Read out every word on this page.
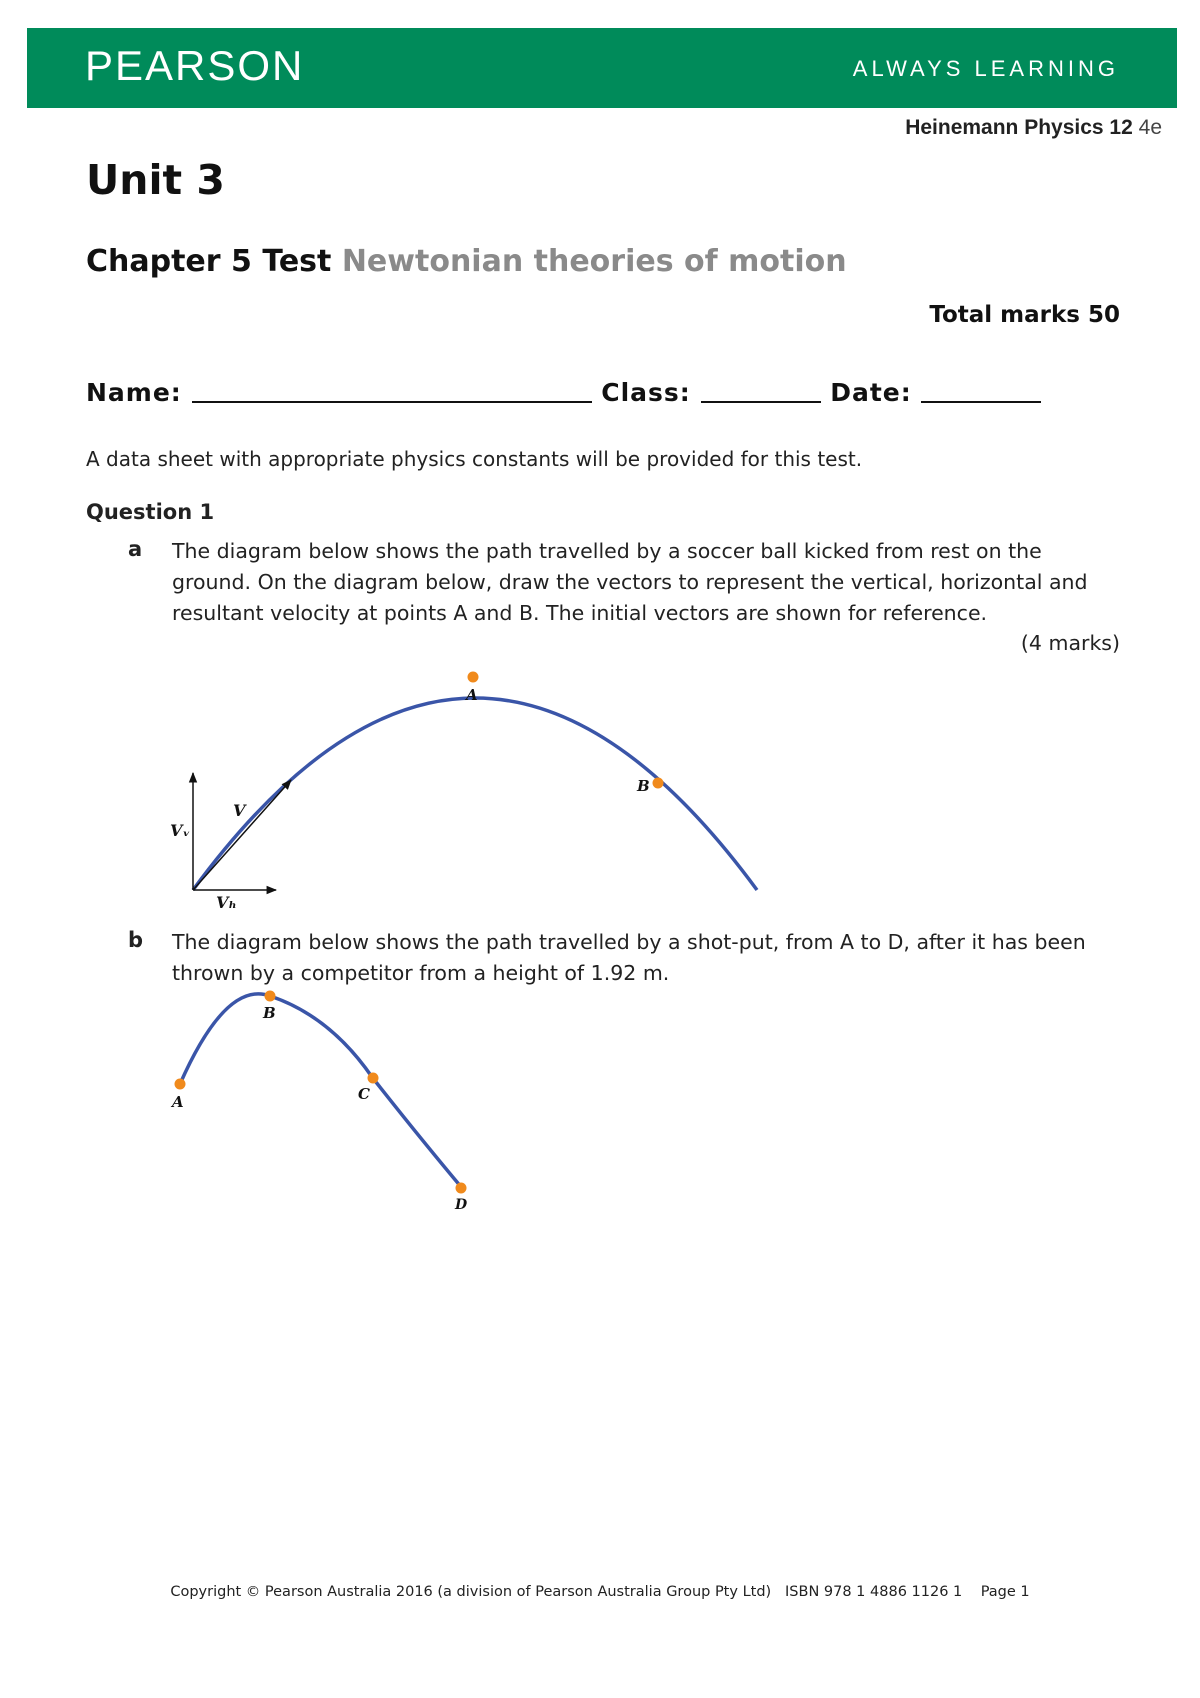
PEARSON	ALWAYS LEARNING
Heinemann Physics 12 4e
Unit 3
Chapter 5 Test Newtonian theories of motion
Total marks 50
Name:	Class:	Date:
A data sheet with appropriate physics constants will be provided for this test.
Question 1
a The diagram below shows the path travelled by a soccer ball kicked from rest on the ground. On the diagram below, draw the vectors to represent the vertical, horizontal and resultant velocity at points A and B. The initial vectors are shown for reference.
(4 marks)
b The diagram below shows the path travelled by a shot-put, from A to D, after it has been thrown by a competitor from a height of 1.92 m.
Vᵥ
Vₕ
V
A
B
A
B
C
D
Copyright © Pearson Australia 2016 (a division of Pearson Australia Group Pty Ltd)   ISBN 978 1 4886 1126 1    Page 1
